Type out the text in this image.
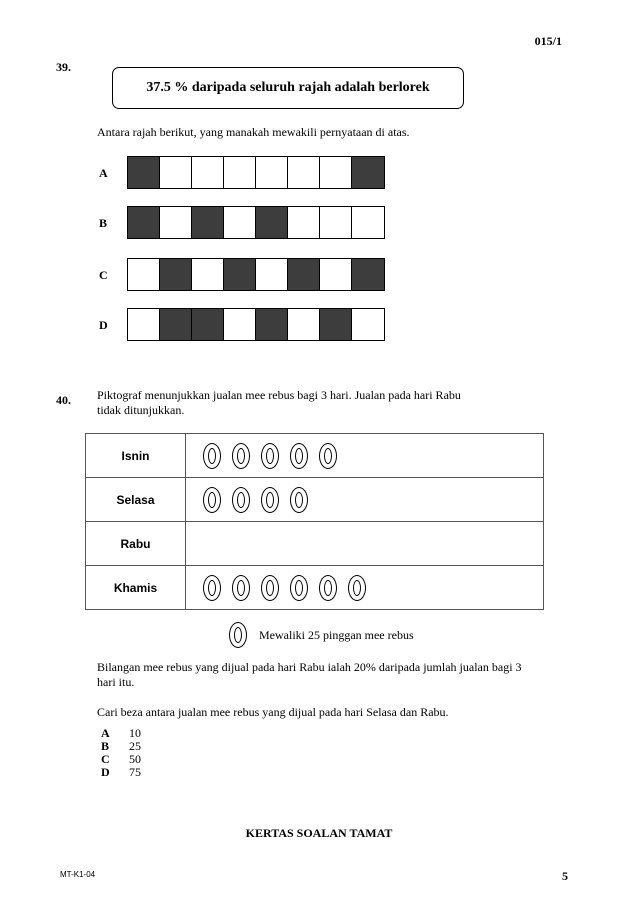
015/1
39.
37.5 % daripada seluruh rajah adalah berlorek
Antara rajah berikut, yang manakah mewakili pernyataan di atas.
A
B
C
D
40. Piktograf menunjukkan jualan mee rebus bagi 3 hari. Jualan pada hari Rabu
tidak ditunjukkan.
Isnin	

Selasa	

Rabu	

Khamis	
Mewaliki 25 pinggan mee rebus
Bilangan mee rebus yang dijual pada hari Rabu ialah 20% daripada jumlah jualan bagi 3
hari itu.
Cari beza antara jualan mee rebus yang dijual pada hari Selasa dan Rabu.
A 10
B 25
C 50
D 75
KERTAS SOALAN TAMAT
MT-K1-04	5
